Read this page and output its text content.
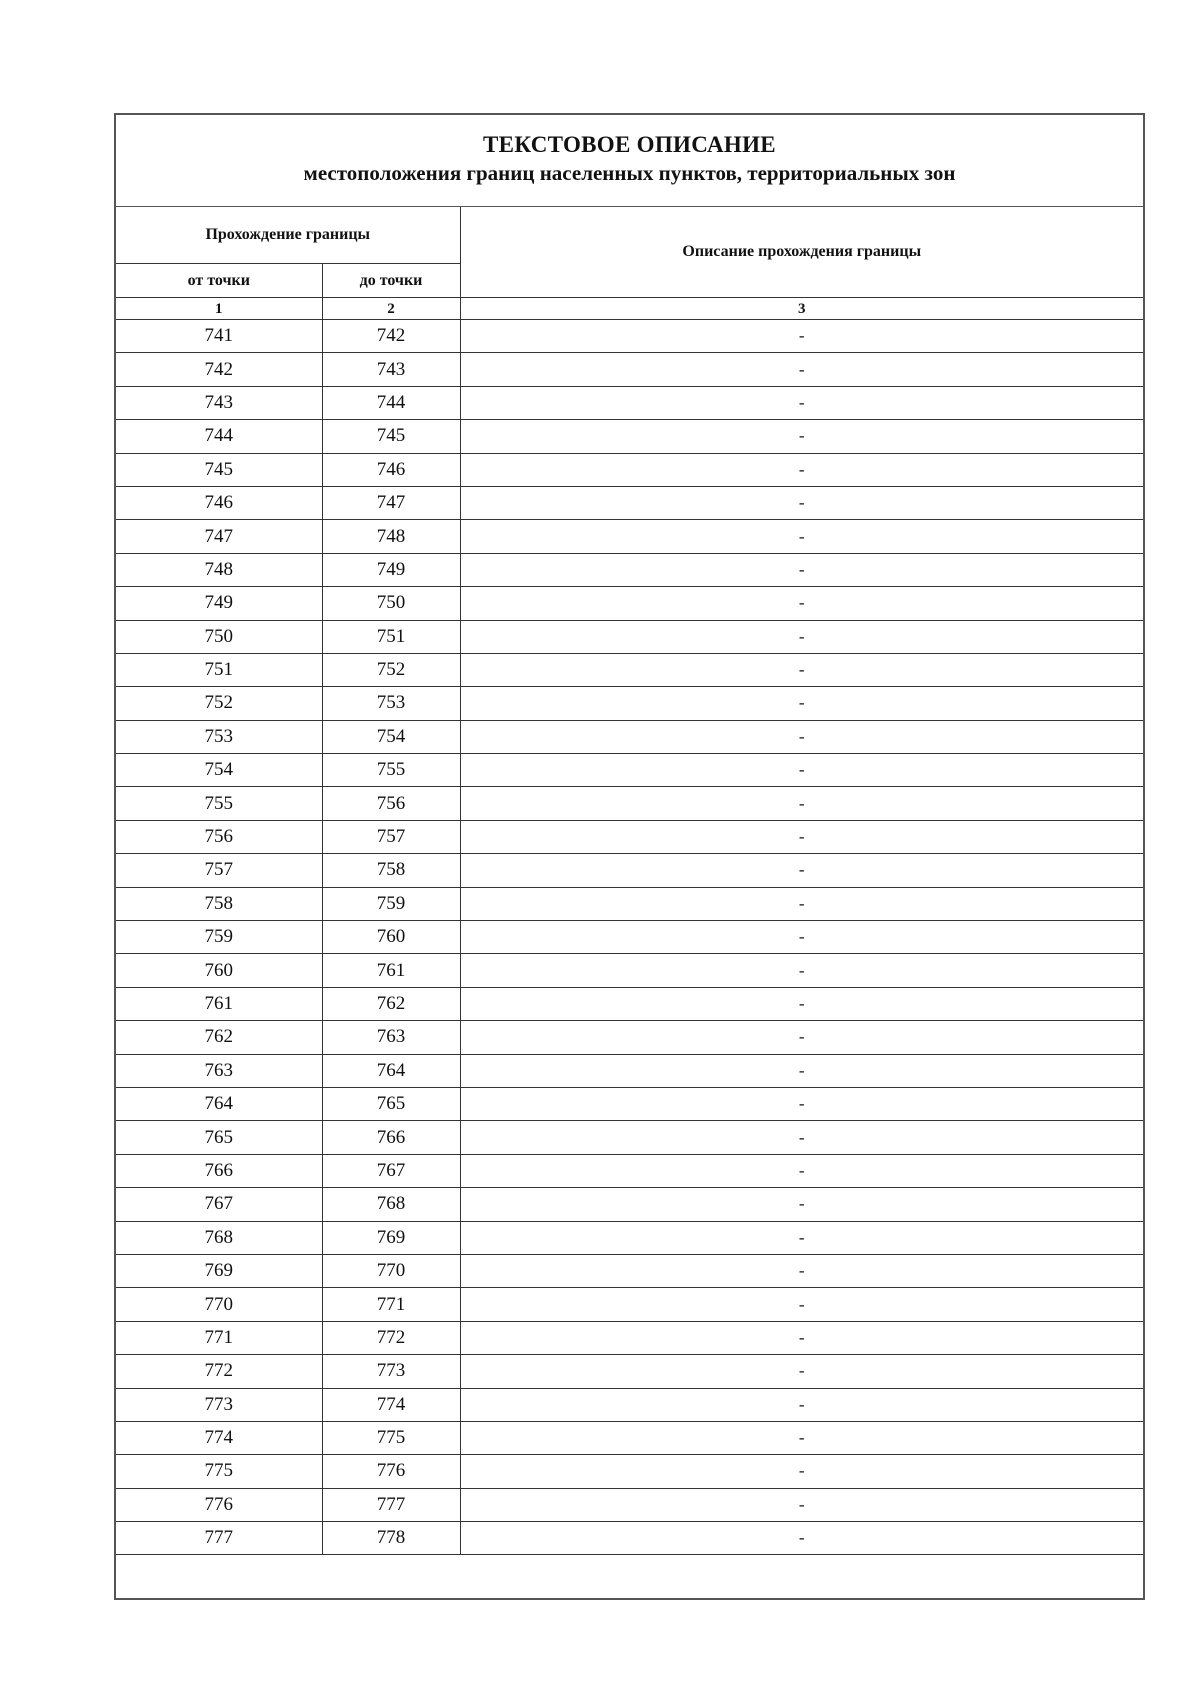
ТЕКСТОВОЕ ОПИСАНИЕ
местоположения границ населенных пунктов, территориальных зон
Прохождение границы		Описание прохождения границы
от точки	до точки	
1	2	3
741	742	-
742	743	-
743	744	-
744	745	-
745	746	-
746	747	-
747	748	-
748	749	-
749	750	-
750	751	-
751	752	-
752	753	-
753	754	-
754	755	-
755	756	-
756	757	-
757	758	-
758	759	-
759	760	-
760	761	-
761	762	-
762	763	-
763	764	-
764	765	-
765	766	-
766	767	-
767	768	-
768	769	-
769	770	-
770	771	-
771	772	-
772	773	-
773	774	-
774	775	-
775	776	-
776	777	-
777	778	-
